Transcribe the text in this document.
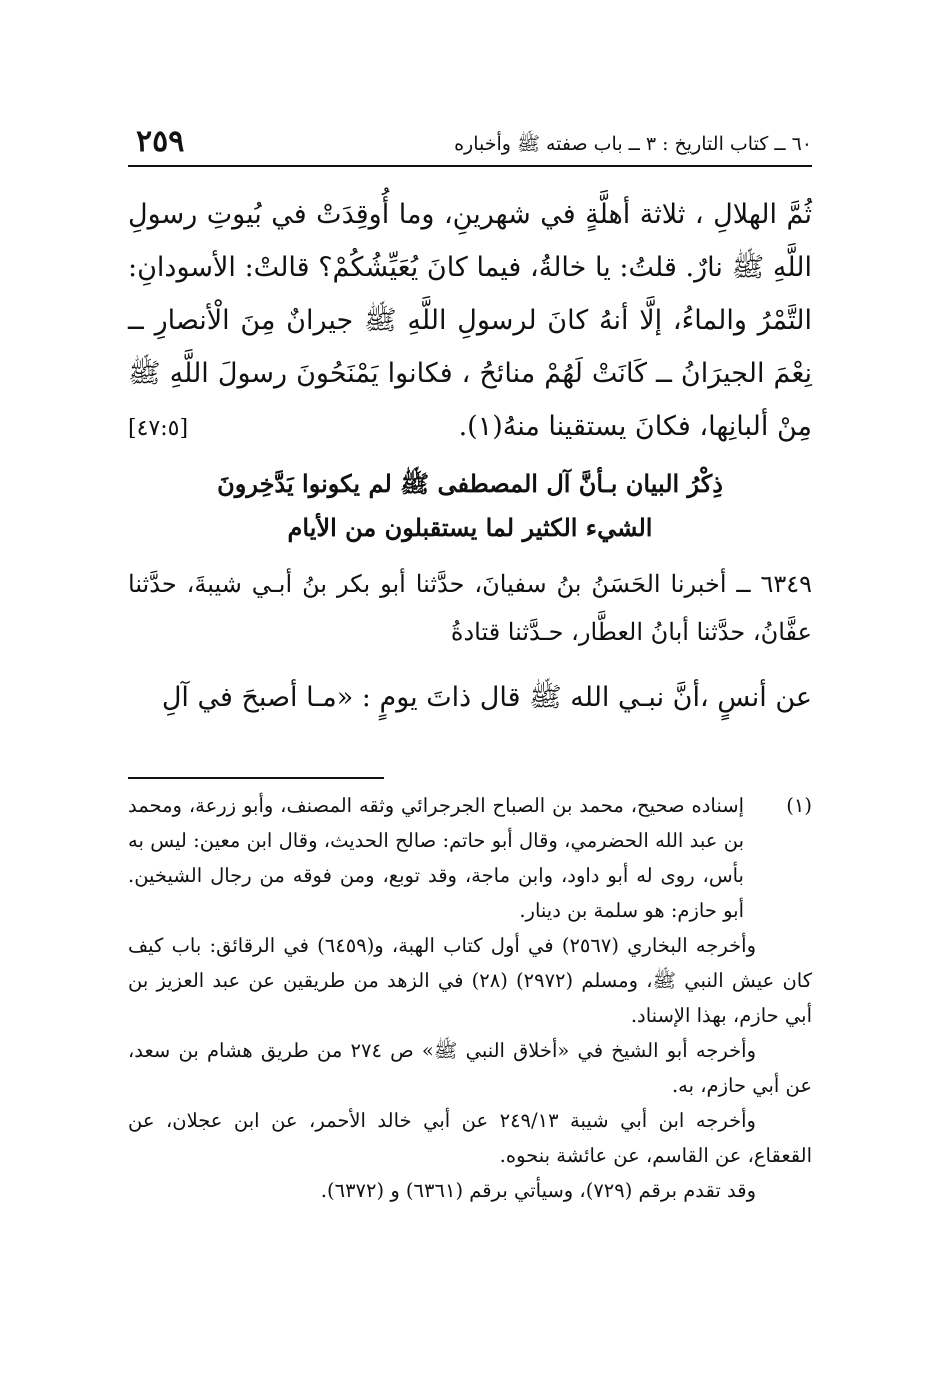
٦٠ ــ كتاب التاريخ : ٣ ــ باب صفته ﷺ وأخباره
٢٥٩

ثُمَّ الهلالِ ، ثلاثة أهلَّةٍ في شهرينِ، وما أُوقِدَتْ في بُيوتِ رسولِ اللَّهِ ﷺ نارٌ. قلتُ: يا خالةُ، فيما كانَ يُعَيِّشُكُمْ؟ قالتْ: الأسودانِ: التَّمْرُ والماءُ، إلَّا أنهُ كانَ لرسولِ اللَّهِ ﷺ جيرانٌ مِنَ الْأنصارِ ــ نِعْمَ الجيرَانُ ــ كَانَتْ لَهُمْ منائحُ ، فكانوا يَمْنَحُونَ رسولَ اللَّهِ ﷺ مِنْ ألبانِها، فكانَ يستقينا منهُ(١).
[٤٧:٥]

ذِكْرُ البيان بـأنَّ آل المصطفى ﷺ لم يكونوا يَدَّخِرونَ
الشيء الكثير لما يستقبلون من الأيام

٦٣٤٩ ــ أخبرنا الحَسَنُ بنُ سفيانَ، حدَّثنا أبو بكر بنُ أبـي شيبةَ، حدَّثنا عفَّانُ، حدَّثنا أبانُ العطَّار، حـدَّثنا قتادةُ

عن أنسٍ ،أنَّ نبـي الله ﷺ قال ذاتَ يومٍ : «مـا أصبحَ في آلِ

(١)
إسناده صحيح، محمد بن الصباح الجرجرائي وثقه المصنف، وأبو زرعة، ومحمد بن عبد الله الحضرمي، وقال أبو حاتم: صالح الحديث، وقال ابن معين: ليس به بأس، روى له أبو داود، وابن ماجة، وقد توبع، ومن فوقه من رجال الشيخين. أبو حازم: هو سلمة بن دينار.

وأخرجه البخاري (٢٥٦٧) في أول كتاب الهبة، و(٦٤٥٩) في الرقائق: باب كيف كان عيش النبي ﷺ، ومسلم (٢٩٧٢) (٢٨) في الزهد من طريقين عن عبد العزيز بن أبي حازم، بهذا الإسناد.

وأخرجه أبو الشيخ في «أخلاق النبي ﷺ» ص ٢٧٤ من طريق هشام بن سعد، عن أبي حازم، به.

وأخرجه ابن أبي شيبة ٢٤٩/١٣ عن أبي خالد الأحمر، عن ابن عجلان، عن القعقاع، عن القاسم، عن عائشة بنحوه.

وقد تقدم برقم (٧٢٩)، وسيأتي برقم (٦٣٦١) و (٦٣٧٢).
